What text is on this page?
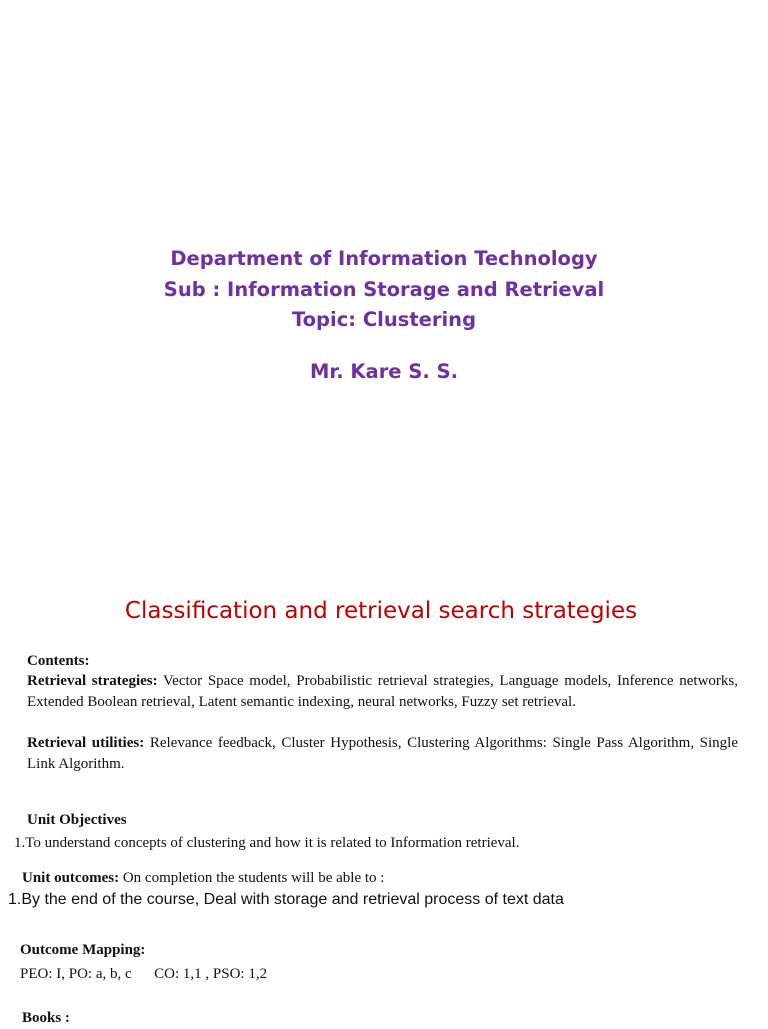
Department of Information Technology
Sub : Information Storage and Retrieval
Topic: Clustering
Mr. Kare S. S.
Classification and retrieval search strategies
Contents:
Retrieval strategies: Vector Space model, Probabilistic retrieval strategies, Language models, Inference networks, Extended Boolean retrieval, Latent semantic indexing, neural networks, Fuzzy set retrieval.
Retrieval utilities: Relevance feedback, Cluster Hypothesis, Clustering Algorithms: Single Pass Algorithm, Single Link Algorithm.
Unit Objectives
1.To understand concepts of clustering and how it is related to Information retrieval.
Unit outcomes: On completion the students will be able to :
1.By the end of the course, Deal with storage and retrieval process of text data
Outcome Mapping:
PEO: I, PO: a, b, c      CO: 1,1 , PSO: 1,2
Books :
